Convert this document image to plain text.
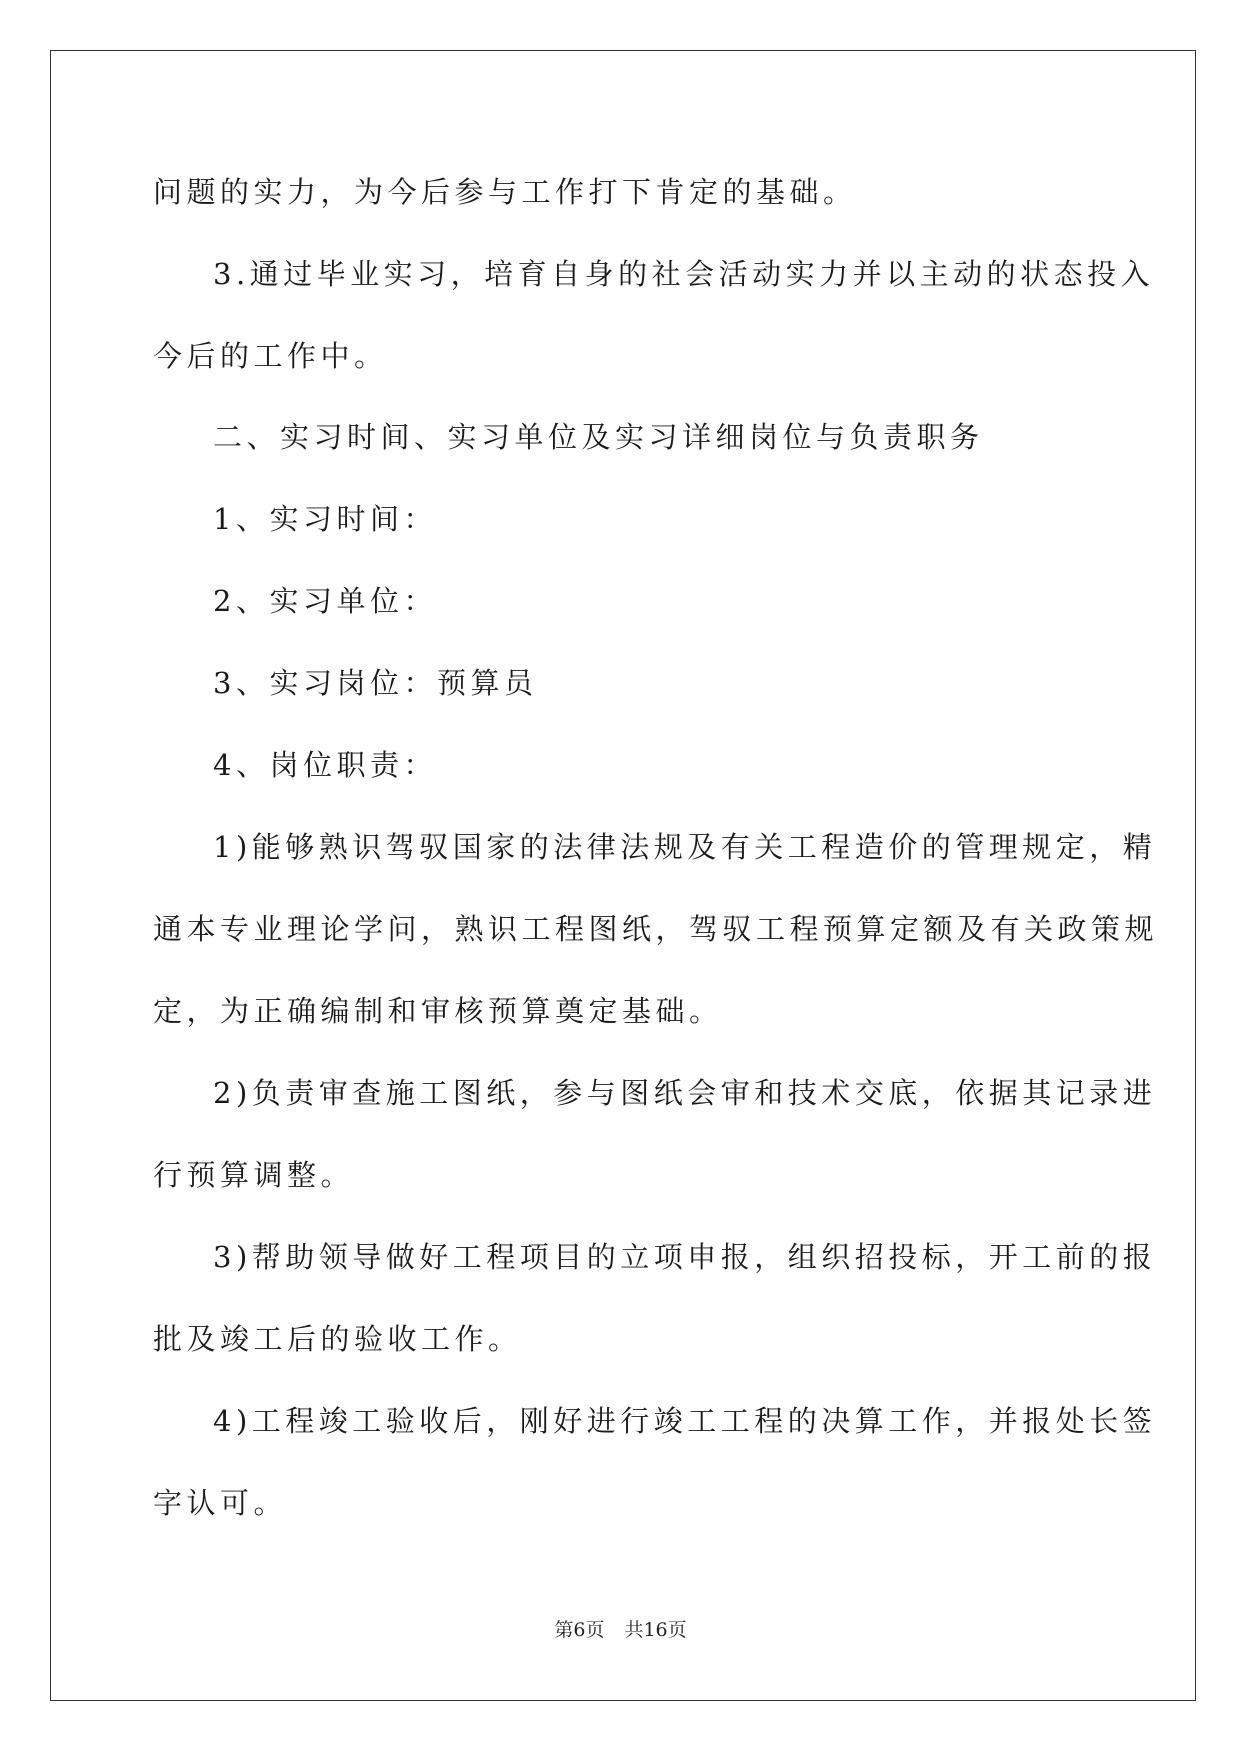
问题的实力，为今后参与工作打下肯定的基础。
3.通过毕业实习，培育自身的社会活动实力并以主动的状态投入
今后的工作中。
二、实习时间、实习单位及实习详细岗位与负责职务
1、实习时间：
2、实习单位：
3、实习岗位：预算员
4、岗位职责：
1)能够熟识驾驭国家的法律法规及有关工程造价的管理规定，精
通本专业理论学问，熟识工程图纸，驾驭工程预算定额及有关政策规
定，为正确编制和审核预算奠定基础。
2)负责审查施工图纸，参与图纸会审和技术交底，依据其记录进
行预算调整。
3)帮助领导做好工程项目的立项申报，组织招投标，开工前的报
批及竣工后的验收工作。
4)工程竣工验收后，刚好进行竣工工程的决算工作，并报处长签
字认可。
第6页 共16页
